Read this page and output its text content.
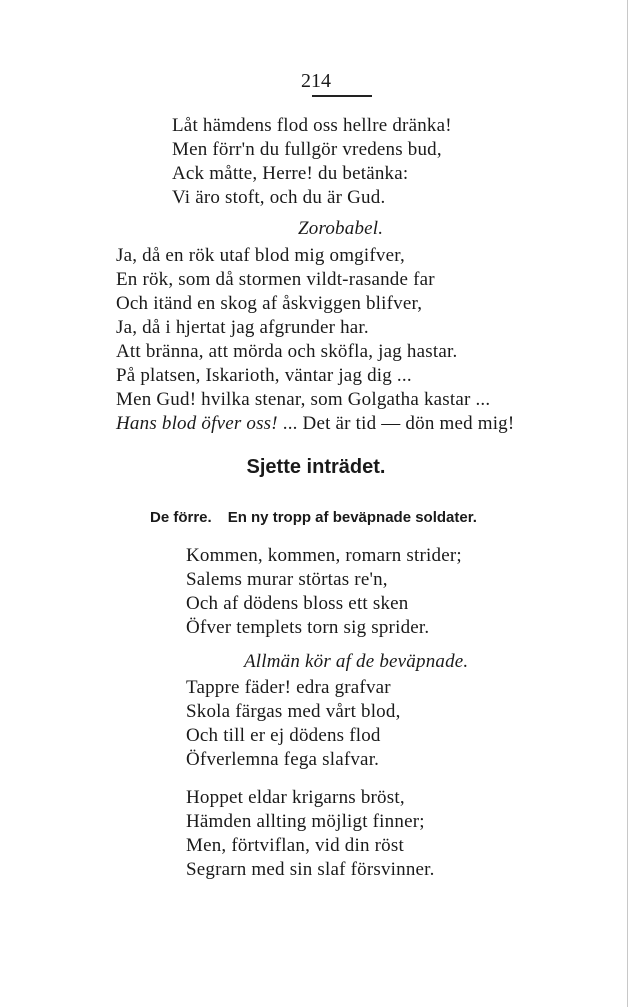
214
Låt hämdens flod oss hellre dränka!
Men förr'n du fullgör vredens bud,
Ack måtte, Herre! du betänka:
Vi äro stoft, och du är Gud.
Zorobabel.
Ja, då en rök utaf blod mig omgifver,
En rök, som då stormen vildt-rasande far
Och itänd en skog af åskviggen blifver,
Ja, då i hjertat jag afgrunder har.
Att bränna, att mörda och sköfla, jag hastar.
På platsen, Iskarioth, väntar jag dig ...
Men Gud! hvilka stenar, som Golgatha kastar ...
Hans blod öfver oss! ... Det är tid — dön med mig!
Sjette inträdet.
De förre. En ny tropp af beväpnade soldater.
Kommen, kommen, romarn strider;
Salems murar störtas re'n,
Och af dödens bloss ett sken
Öfver templets torn sig sprider.
Allmän kör af de beväpnade.
Tappre fäder! edra grafvar
Skola färgas med vårt blod,
Och till er ej dödens flod
Öfverlemna fega slafvar.
Hoppet eldar krigarns bröst,
Hämden allting möjligt finner;
Men, förtviflan, vid din röst
Segrarn med sin slaf försvinner.
